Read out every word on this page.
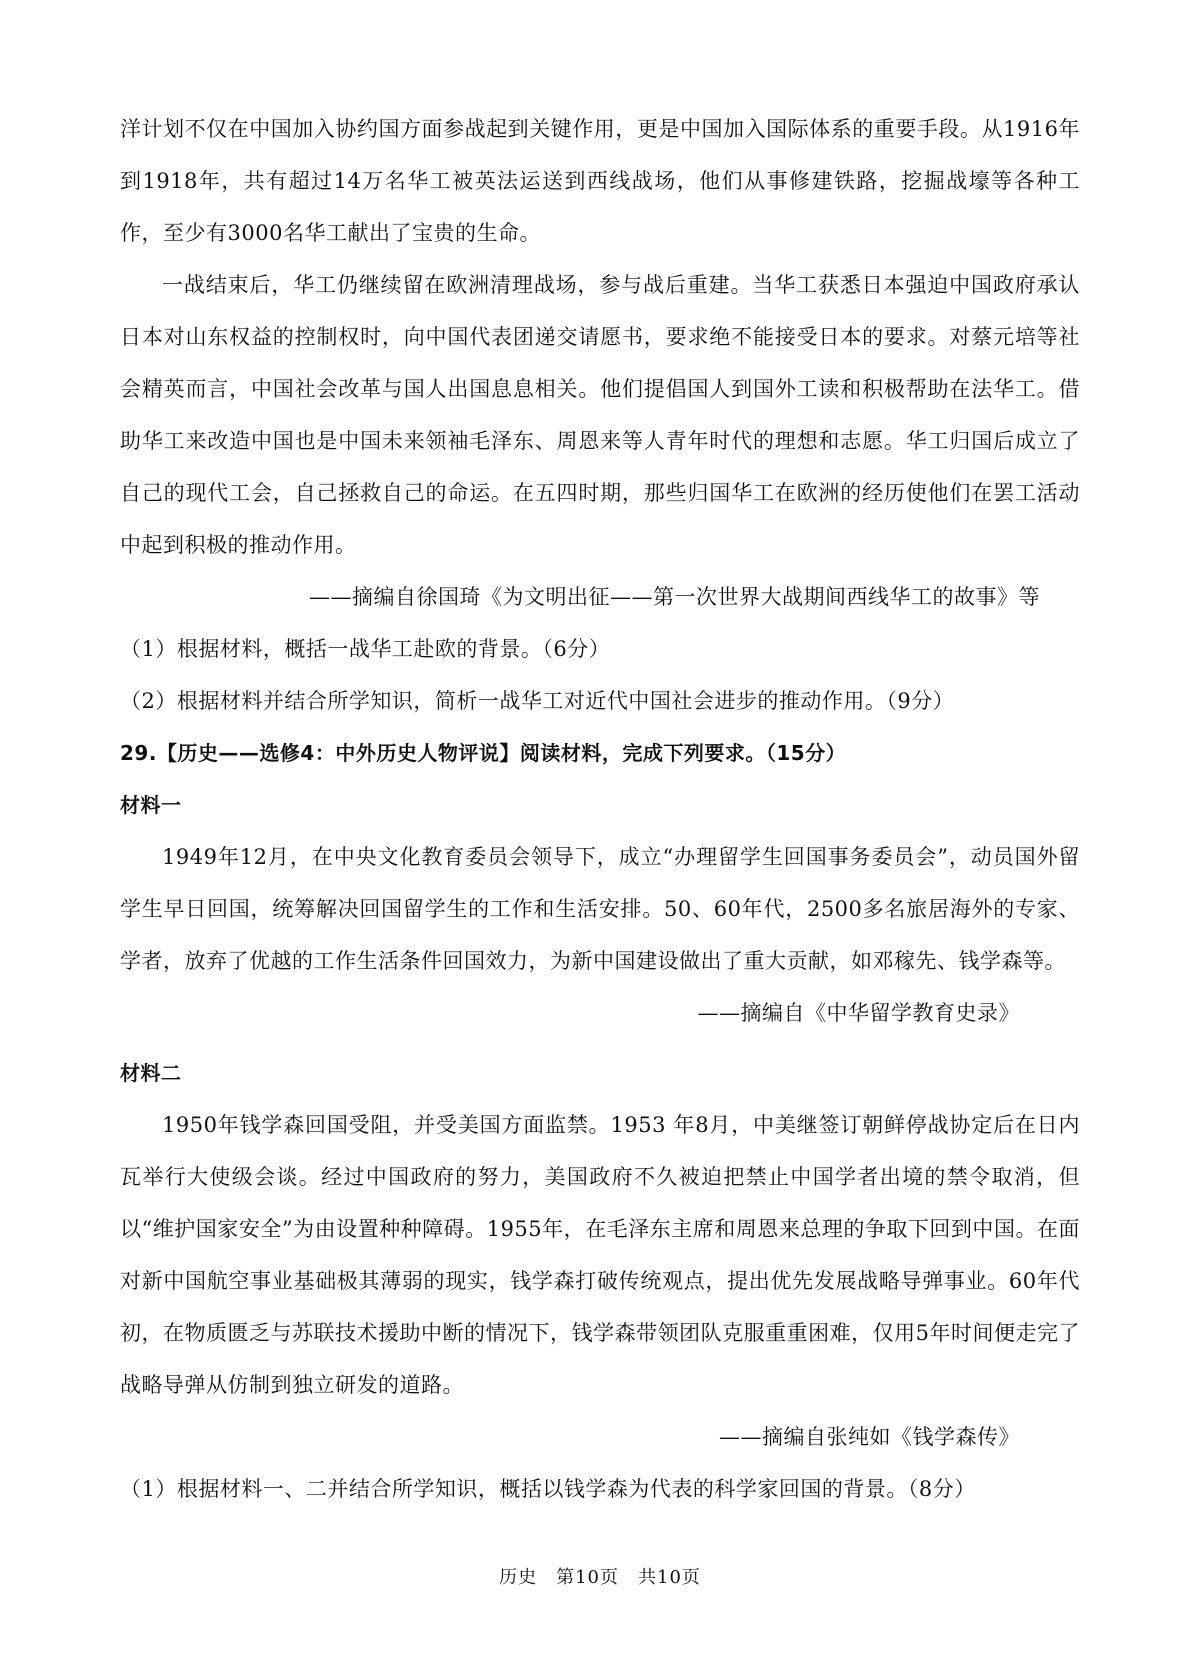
洋计划不仅在中国加入协约国方面参战起到关键作用，更是中国加入国际体系的重要手段。从1916年到1918年，共有超过14万名华工被英法运送到西线战场，他们从事修建铁路，挖掘战壕等各种工作，至少有3000名华工献出了宝贵的生命。

一战结束后，华工仍继续留在欧洲清理战场，参与战后重建。当华工获悉日本强迫中国政府承认日本对山东权益的控制权时，向中国代表团递交请愿书，要求绝不能接受日本的要求。对蔡元培等社会精英而言，中国社会改革与国人出国息息相关。他们提倡国人到国外工读和积极帮助在法华工。借助华工来改造中国也是中国未来领袖毛泽东、周恩来等人青年时代的理想和志愿。华工归国后成立了自己的现代工会，自己拯救自己的命运。在五四时期，那些归国华工在欧洲的经历使他们在罢工活动中起到积极的推动作用。

——摘编自徐国琦《为文明出征——第一次世界大战期间西线华工的故事》等

（1）根据材料，概括一战华工赴欧的背景。（6分）

（2）根据材料并结合所学知识，简析一战华工对近代中国社会进步的推动作用。（9分）

29.【历史——选修4：中外历史人物评说】阅读材料，完成下列要求。（15分）

材料一

1949年12月，在中央文化教育委员会领导下，成立“办理留学生回国事务委员会”，动员国外留学生早日回国，统筹解决回国留学生的工作和生活安排。50、60年代，2500多名旅居海外的专家、学者，放弃了优越的工作生活条件回国效力，为新中国建设做出了重大贡献，如邓稼先、钱学森等。

——摘编自《中华留学教育史录》

材料二

1950年钱学森回国受阻，并受美国方面监禁。1953 年8月，中美继签订朝鲜停战协定后在日内瓦举行大使级会谈。经过中国政府的努力，美国政府不久被迫把禁止中国学者出境的禁令取消，但以“维护国家安全”为由设置种种障碍。1955年，在毛泽东主席和周恩来总理的争取下回到中国。在面对新中国航空事业基础极其薄弱的现实，钱学森打破传统观点，提出优先发展战略导弹事业。60年代初，在物质匮乏与苏联技术援助中断的情况下，钱学森带领团队克服重重困难，仅用5年时间便走完了战略导弹从仿制到独立研发的道路。

——摘编自张纯如《钱学森传》

（1）根据材料一、二并结合所学知识，概括以钱学森为代表的科学家回国的背景。（8分）

历史　第10页　共10页
